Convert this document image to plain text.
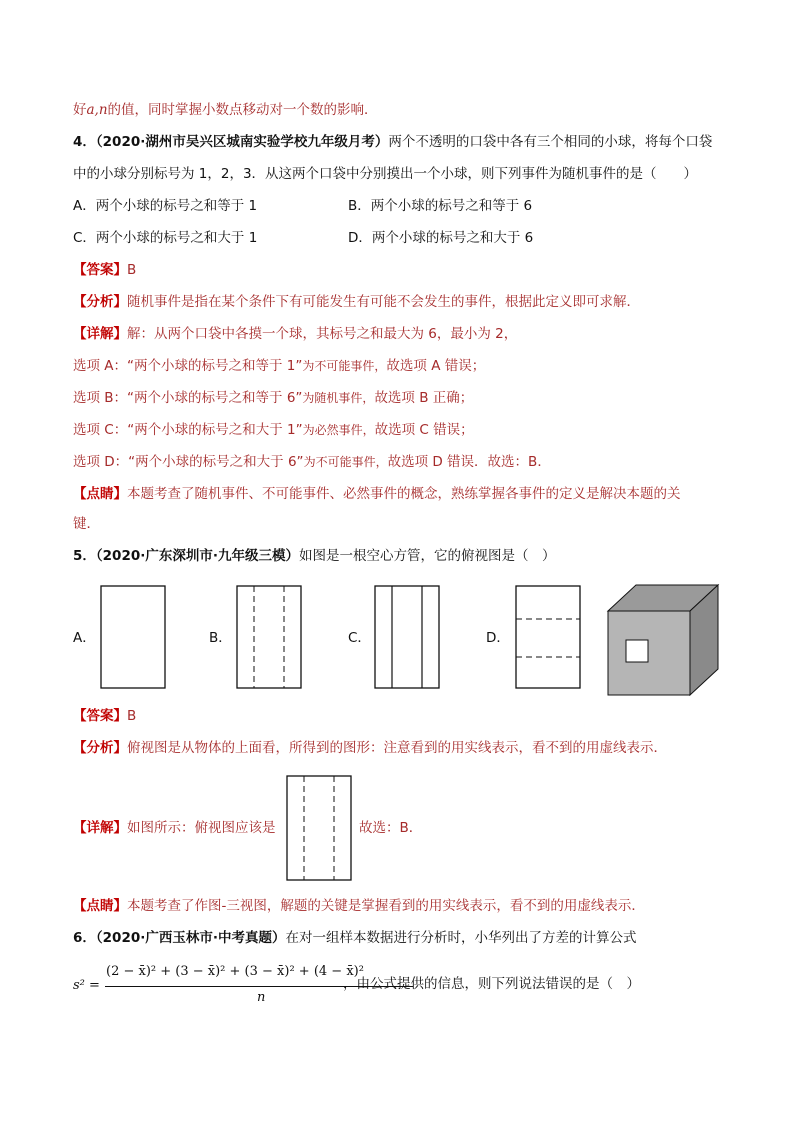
好a,n的值，同时掌握小数点移动对一个数的影响．
4．（2020·湖州市吴兴区城南实验学校九年级月考）两个不透明的口袋中各有三个相同的小球，将每个口袋
中的小球分别标号为 1，2，3．从这两个口袋中分别摸出一个小球，则下列事件为随机事件的是（　　）
A．两个小球的标号之和等于 1	B．两个小球的标号之和等于 6
C．两个小球的标号之和大于 1	D．两个小球的标号之和大于 6
【答案】B
【分析】随机事件是指在某个条件下有可能发生有可能不会发生的事件，根据此定义即可求解．
【详解】解：从两个口袋中各摸一个球，其标号之和最大为 6，最小为 2，
选项 A：“两个小球的标号之和等于 1”为不可能事件，故选项 A 错误；
选项 B：“两个小球的标号之和等于 6”为随机事件，故选项 B 正确；
选项 C：“两个小球的标号之和大于 1”为必然事件，故选项 C 错误；
选项 D：“两个小球的标号之和大于 6”为不可能事件，故选项 D 错误．故选：B．
【点睛】本题考查了随机事件、不可能事件、必然事件的概念，熟练掌握各事件的定义是解决本题的关
键．
5．（2020·广东深圳市·九年级三模）如图是一根空心方管，它的俯视图是（　）
A．	B．	C．	D．
【答案】B
【分析】俯视图是从物体的上面看，所得到的图形：注意看到的用实线表示，看不到的用虚线表示．
【详解】如图所示：俯视图应该是	故选：B．
【点睛】本题考查了作图-三视图，解题的关键是掌握看到的用实线表示，看不到的用虚线表示．
6．（2020·广西玉林市·中考真题）在对一组样本数据进行分析时，小华列出了方差的计算公式
s² =
(2 − x̄)² + (3 − x̄)² + (3 − x̄)² + (4 − x̄)²
n
，由公式提供的信息，则下列说法错误的是（　）
